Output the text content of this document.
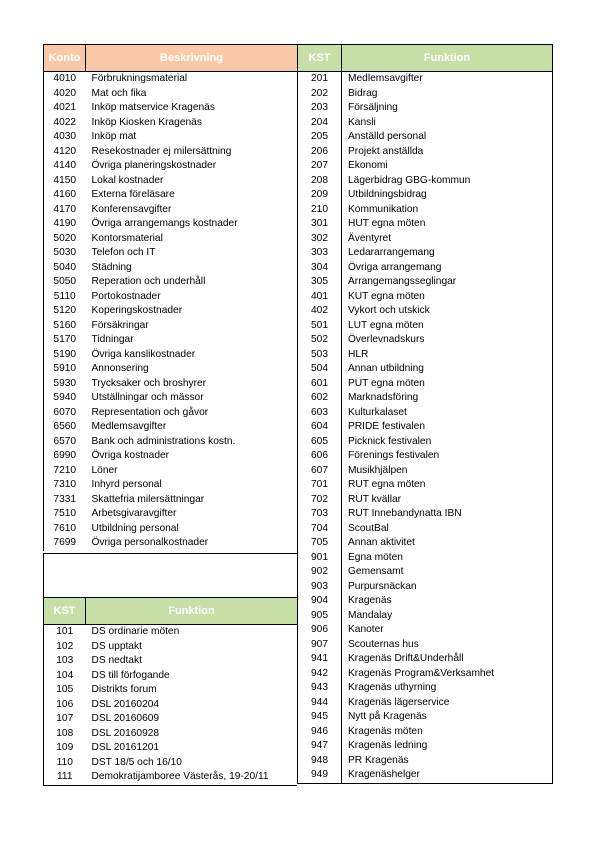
Konto	Beskrivning
4010	Förbrukningsmaterial
4020	Mat och fika
4021	Inköp matservice Kragenäs
4022	Inköp Kiosken Kragenäs
4030	Inköp mat
4120	Resekostnader ej milersättning
4140	Övriga planeringskostnader
4150	Lokal kostnader
4160	Externa föreläsare
4170	Konferensavgifter
4190	Övriga arrangemangs kostnader
5020	Kontorsmaterial
5030	Telefon och IT
5040	Städning
5050	Reperation och underhåll
5110	Portokostnader
5120	Koperingskostnader
5160	Försäkringar
5170	Tidningar
5190	Övriga kanslikostnader
5910	Annonsering
5930	Trycksaker och broshyrer
5940	Utställningar och mässor
6070	Representation och gåvor
6560	Medlemsavgifter
6570	Bank och administrations kostn.
6990	Övriga kostnader
7210	Löner
7310	Inhyrd personal
7331	Skattefria milersättningar
7510	Arbetsgivaravgifter
7610	Utbildning personal
7699	Övriga personalkostnader
KST	Funktion
101	DS ordinarie möten
102	DS upptakt
103	DS nedtakt
104	DS till förfogande
105	Distrikts forum
106	DSL 20160204
107	DSL 20160609
108	DSL 20160928
109	DSL 20161201
110	DST 18/5 och 16/10
111	Demokratijamboree Västerås, 19-20/11
KST	Funktion
201	Medlemsavgifter
202	Bidrag
203	Försäljning
204	Kansli
205	Anställd personal
206	Projekt anställda
207	Ekonomi
208	Lägerbidrag GBG-kommun
209	Utbildningsbidrag
210	Kommunikation
301	HUT egna möten
302	Äventyret
303	Ledararrangemang
304	Övriga arrangemang
305	Arrangemangsseglingar
401	KUT egna möten
402	Vykort och utskick
501	LUT egna möten
502	Överlevnadskurs
503	HLR
504	Annan utbildning
601	PUT egna möten
602	Marknadsföring
603	Kulturkalaset
604	PRIDE festivalen
605	Picknick festivalen
606	Förenings festivalen
607	Musikhjälpen
701	RUT egna möten
702	RUT kvällar
703	RUT Innebandynatta IBN
704	ScoutBal
705	Annan aktivitet
901	Egna möten
902	Gemensamt
903	Purpursnäckan
904	Kragenäs
905	Mandalay
906	Kanoter
907	Scouternas hus
941	Kragenäs Drift&Underhåll
942	Kragenäs Program&Verksamhet
943	Kragenäs uthyrning
944	Kragenäs lägerservice
945	Nytt på Kragenäs
946	Kragenäs möten
947	Kragenäs ledning
948	PR Kragenäs
949	Kragenäshelger
